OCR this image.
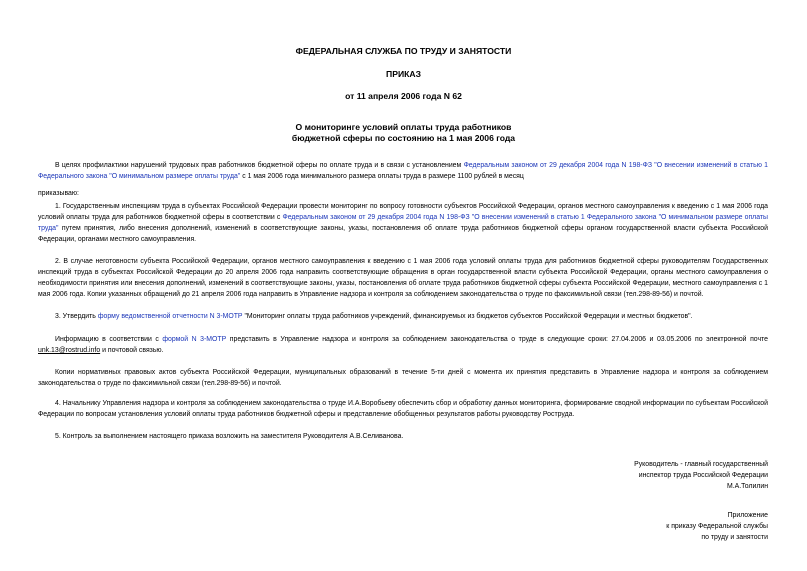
ФЕДЕРАЛЬНАЯ СЛУЖБА ПО ТРУДУ И ЗАНЯТОСТИ
ПРИКАЗ
от 11 апреля 2006 года N 62
О мониторинге условий оплаты труда работников
бюджетной сферы по состоянию на 1 мая 2006 года

В целях профилактики нарушений трудовых прав работников бюджетной сферы по оплате труда и в связи с установлением Федеральным законом от 29 декабря 2004 года N 198-ФЗ "О внесении изменений в статью 1 Федерального закона "О минимальном размере оплаты труда" с 1 мая 2006 года минимального размера оплаты труда в размере 1100 рублей в месяц

приказываю:

1. Государственным инспекциям труда в субъектах Российской Федерации провести мониторинг по вопросу готовности субъектов Российской Федерации, органов местного самоуправления к введению с 1 мая 2006 года условий оплаты труда для работников бюджетной сферы в соответствии с Федеральным законом от 29 декабря 2004 года N 198-ФЗ "О внесении изменений в статью 1 Федерального закона "О минимальном размере оплаты труда" путем принятия, либо внесения дополнений, изменений в соответствующие законы, указы, постановления об оплате труда работников бюджетной сферы органом государственной власти субъекта Российской Федерации, органами местного самоуправления.

2. В случае неготовности субъекта Российской Федерации, органов местного самоуправления к введению с 1 мая 2006 года условий оплаты труда для работников бюджетной сферы руководителям Государственных инспекций труда в субъектах Российской Федерации до 20 апреля 2006 года направить соответствующие обращения в орган государственной власти субъекта Российской Федерации, органы местного самоуправления о необходимости принятия или внесения дополнений, изменений в соответствующие законы, указы, постановления об оплате труда работников бюджетной сферы субъекта Российской Федерации, местного самоуправления с 1 мая 2006 года. Копии указанных обращений до 21 апреля 2006 года направить в Управление надзора и контроля за соблюдением законодательства о труде по факсимильной связи (тел.298-89-56) и почтой.

3. Утвердить форму ведомственной отчетности N 3-МОТР "Мониторинг оплаты труда работников учреждений, финансируемых из бюджетов субъектов Российской Федерации и местных бюджетов".

Информацию в соответствии с формой N 3-МОТР представить в Управление надзора и контроля за соблюдением законодательства о труде в следующие сроки: 27.04.2006 и 03.05.2006 по электронной почте unk.13@rostrud.info и почтовой связью.

Копии нормативных правовых актов субъекта Российской Федерации, муниципальных образований в течение 5-ти дней с момента их принятия представить в Управление надзора и контроля за соблюдением законодательства о труде по факсимильной связи (тел.298-89-56) и почтой.

4. Начальнику Управления надзора и контроля за соблюдением законодательства о труде И.А.Воробьеву обеспечить сбор и обработку данных мониторинга, формирование сводной информации по субъектам Российской Федерации по вопросам установления условий оплаты труда работников бюджетной сферы и представление обобщенных результатов работы руководству Роструда.

5. Контроль за выполнением настоящего приказа возложить на заместителя Руководителя А.В.Селиванова.

Руководитель - главный государственный
инспектор труда Российской Федерации
М.А.Толилин
Приложение
к приказу Федеральной службы
по труду и занятости
